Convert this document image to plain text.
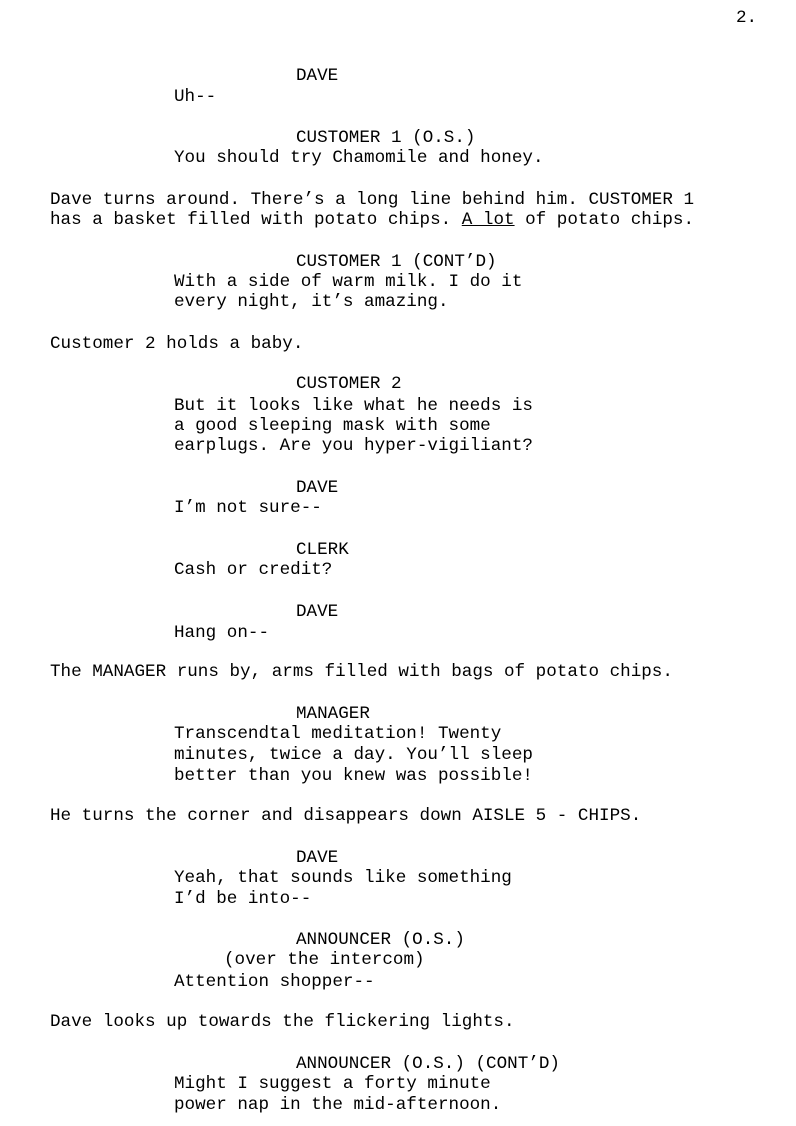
2.
DAVE
Uh--
CUSTOMER 1 (O.S.)
You should try Chamomile and honey.
Dave turns around. There’s a long line behind him. CUSTOMER 1
has a basket filled with potato chips. A lot of potato chips.
CUSTOMER 1 (CONT’D)
With a side of warm milk. I do it
every night, it’s amazing.
Customer 2 holds a baby.
CUSTOMER 2
But it looks like what he needs is
a good sleeping mask with some
earplugs. Are you hyper-vigiliant?
DAVE
I’m not sure--
CLERK
Cash or credit?
DAVE
Hang on--
The MANAGER runs by, arms filled with bags of potato chips.
MANAGER
Transcendtal meditation! Twenty
minutes, twice a day. You’ll sleep
better than you knew was possible!
He turns the corner and disappears down AISLE 5 - CHIPS.
DAVE
Yeah, that sounds like something
I’d be into--
ANNOUNCER (O.S.)
(over the intercom)
Attention shopper--
Dave looks up towards the flickering lights.
ANNOUNCER (O.S.) (CONT’D)
Might I suggest a forty minute
power nap in the mid-afternoon.
